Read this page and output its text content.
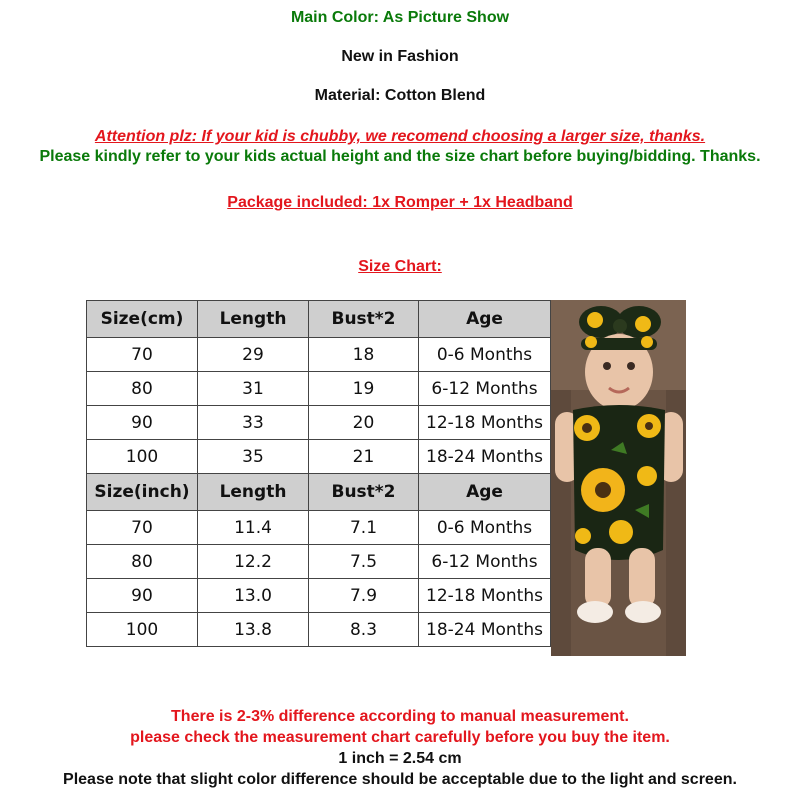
Main Color: As Picture Show
New in Fashion
Material: Cotton Blend
Attention plz: If your kid is chubby, we recomend choosing a larger size, thanks.
Please kindly refer to your kids actual height and the size chart before buying/bidding. Thanks.
Package included: 1x Romper + 1x Headband
Size Chart:
Size(cm)	Length	Bust*2	Age
70	29	18	0-6 Months
80	31	19	6-12 Months
90	33	20	12-18 Months
100	35	21	18-24 Months
Size(inch)	Length	Bust*2	Age
70	11.4	7.1	0-6 Months
80	12.2	7.5	6-12 Months
90	13.0	7.9	12-18 Months
100	13.8	8.3	18-24 Months
There is 2-3% difference according to manual measurement.
please check the measurement chart carefully before you buy the item.
1 inch = 2.54 cm
Please note that slight color difference should be acceptable due to the light and screen.
